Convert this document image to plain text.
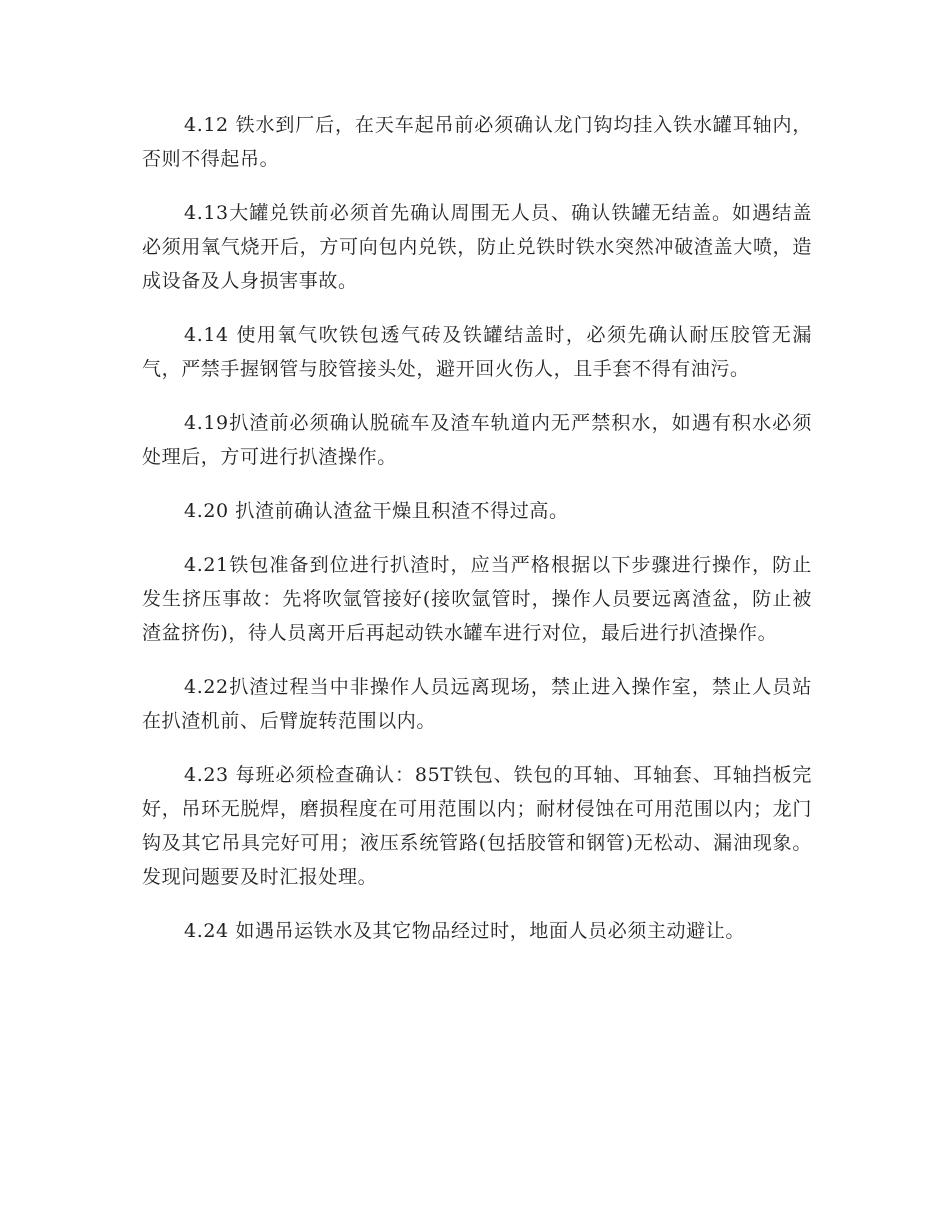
4.12 铁水到厂后，在天车起吊前必须确认龙门钩均挂入铁水罐耳轴内，否则不得起吊。

4.13大罐兑铁前必须首先确认周围无人员、确认铁罐无结盖。如遇结盖必须用氧气烧开后，方可向包内兑铁，防止兑铁时铁水突然冲破渣盖大喷，造成设备及人身损害事故。

4.14 使用氧气吹铁包透气砖及铁罐结盖时，必须先确认耐压胶管无漏气，严禁手握钢管与胶管接头处，避开回火伤人，且手套不得有油污。

4.19扒渣前必须确认脱硫车及渣车轨道内无严禁积水，如遇有积水必须处理后，方可进行扒渣操作。

4.20 扒渣前确认渣盆干燥且积渣不得过高。

4.21铁包准备到位进行扒渣时，应当严格根据以下步骤进行操作，防止发生挤压事故：先将吹氩管接好(接吹氩管时，操作人员要远离渣盆，防止被渣盆挤伤)，待人员离开后再起动铁水罐车进行对位，最后进行扒渣操作。

4.22扒渣过程当中非操作人员远离现场，禁止进入操作室，禁止人员站在扒渣机前、后臂旋转范围以内。

4.23 每班必须检查确认：85T铁包、铁包的耳轴、耳轴套、耳轴挡板完好，吊环无脱焊，磨损程度在可用范围以内；耐材侵蚀在可用范围以内；龙门钩及其它吊具完好可用；液压系统管路(包括胶管和钢管)无松动、漏油现象。发现问题要及时汇报处理。

4.24 如遇吊运铁水及其它物品经过时，地面人员必须主动避让。
